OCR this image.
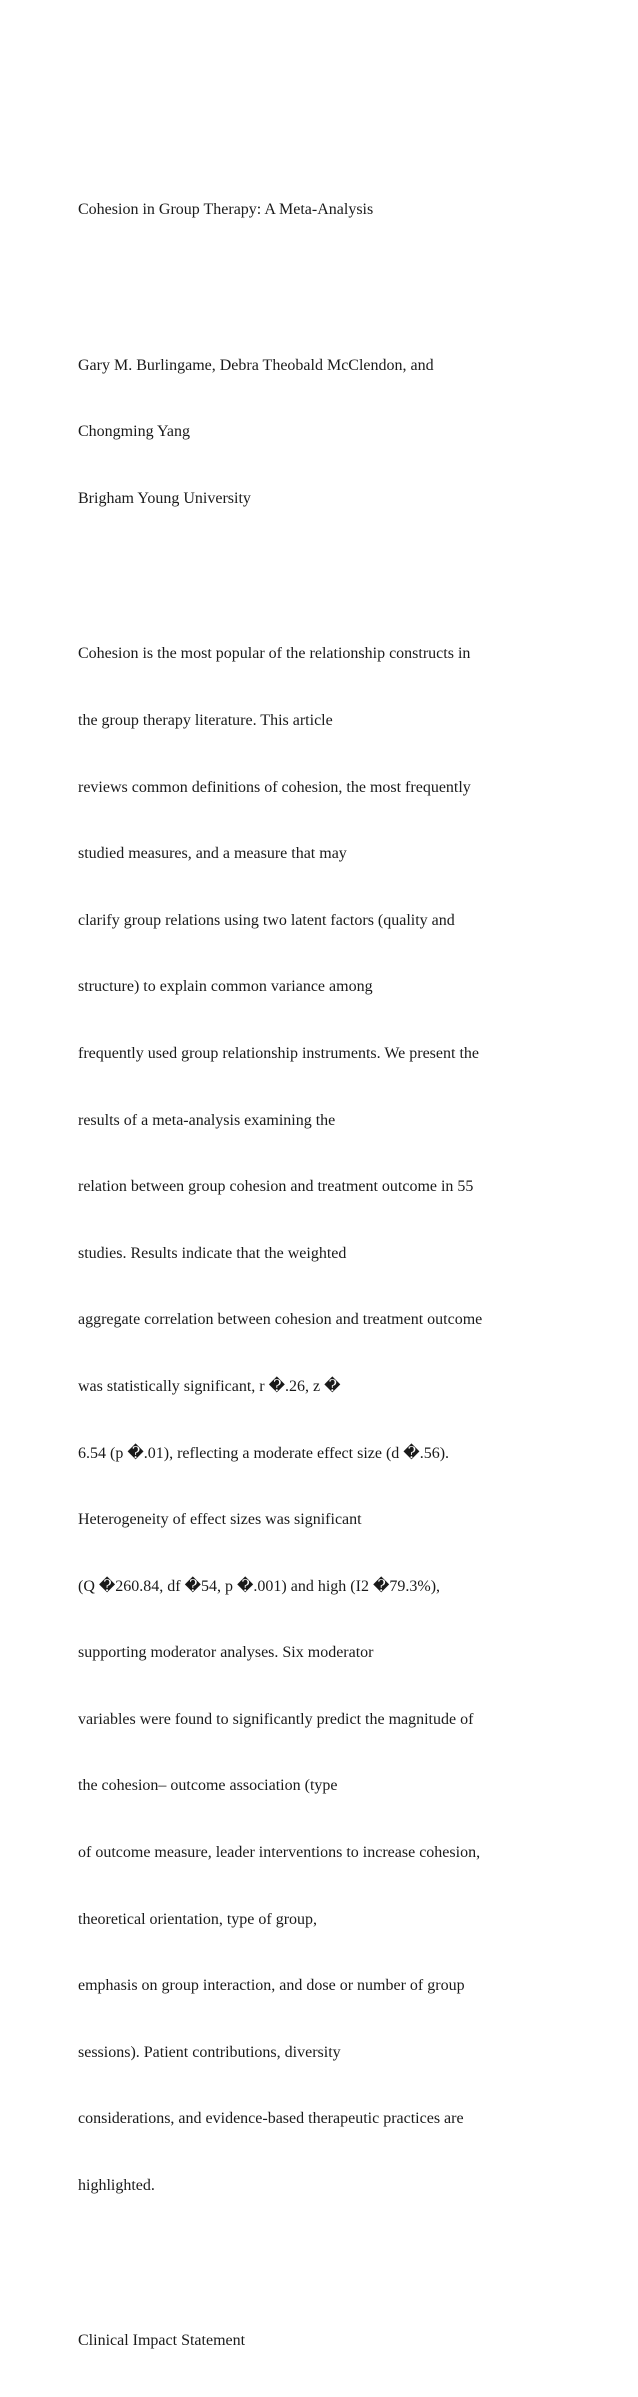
Cohesion in Group Therapy: A Meta-Analysis

Gary M. Burlingame, Debra Theobald McClendon, and

Chongming Yang

Brigham Young University

Cohesion is the most popular of the relationship constructs in

the group therapy literature. This article

reviews common definitions of cohesion, the most frequently

studied measures, and a measure that may

clarify group relations using two latent factors (quality and

structure) to explain common variance among

frequently used group relationship instruments. We present the

results of a meta-analysis examining the

relation between group cohesion and treatment outcome in 55

studies. Results indicate that the weighted

aggregate correlation between cohesion and treatment outcome

was statistically significant, r �.26, z �

6.54 (p �.01), reflecting a moderate effect size (d �.56).

Heterogeneity of effect sizes was significant

(Q �260.84, df �54, p �.001) and high (I2 �79.3%),

supporting moderator analyses. Six moderator

variables were found to significantly predict the magnitude of

the cohesion– outcome association (type

of outcome measure, leader interventions to increase cohesion,

theoretical orientation, type of group,

emphasis on group interaction, and dose or number of group

sessions). Patient contributions, diversity

considerations, and evidence-based therapeutic practices are

highlighted.

Clinical Impact Statement
